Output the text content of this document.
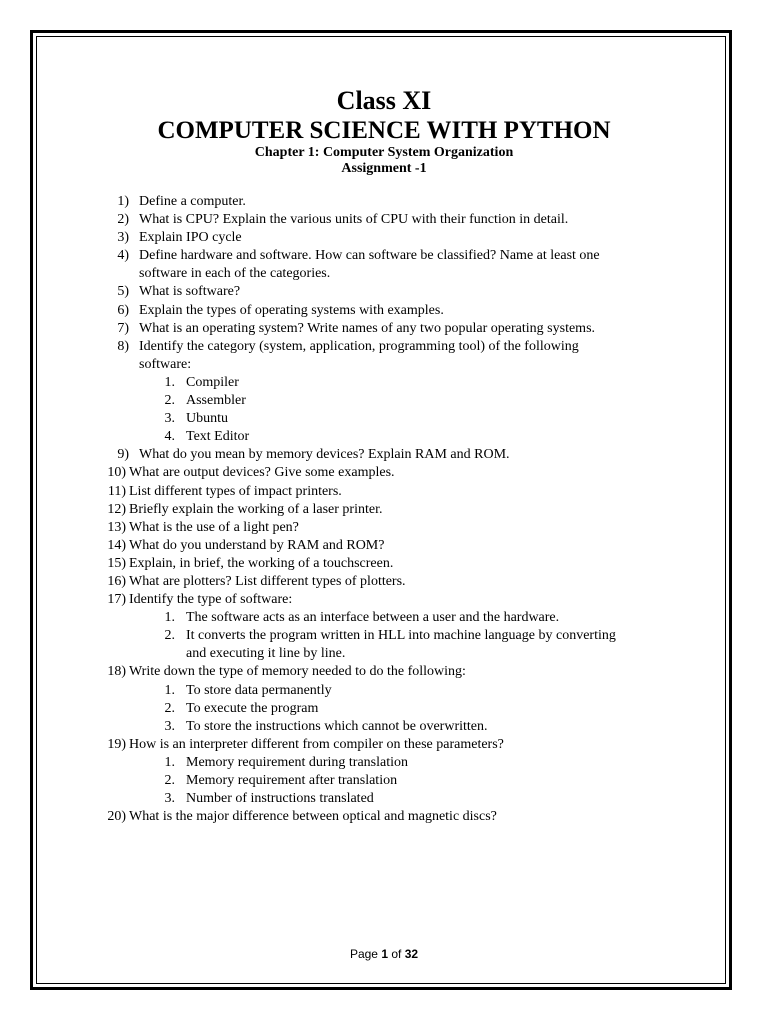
Class XI
COMPUTER SCIENCE WITH PYTHON
Chapter 1: Computer System Organization
Assignment -1
1) Define a computer.
2) What is CPU? Explain the various units of CPU with their function in detail.
3) Explain IPO cycle
4) Define hardware and software. How can software be classified? Name at least one
software in each of the categories.
5) What is software?
6) Explain the types of operating systems with examples.
7) What is an operating system? Write names of any two popular operating systems.
8) Identify the category (system, application, programming tool) of the following
software:
1. Compiler
2. Assembler
3. Ubuntu
4. Text Editor
9) What do you mean by memory devices? Explain RAM and ROM.
10) What are output devices? Give some examples.
11) List different types of impact printers.
12) Briefly explain the working of a laser printer.
13) What is the use of a light pen?
14) What do you understand by RAM and ROM?
15) Explain, in brief, the working of a touchscreen.
16) What are plotters? List different types of plotters.
17) Identify the type of software:
1. The software acts as an interface between a user and the hardware.
2. It converts the program written in HLL into machine language by converting
and executing it line by line.
18) Write down the type of memory needed to do the following:
1. To store data permanently
2. To execute the program
3. To store the instructions which cannot be overwritten.
19) How is an interpreter different from compiler on these parameters?
1. Memory requirement during translation
2. Memory requirement after translation
3. Number of instructions translated
20) What is the major difference between optical and magnetic discs?
Page 1 of 32
